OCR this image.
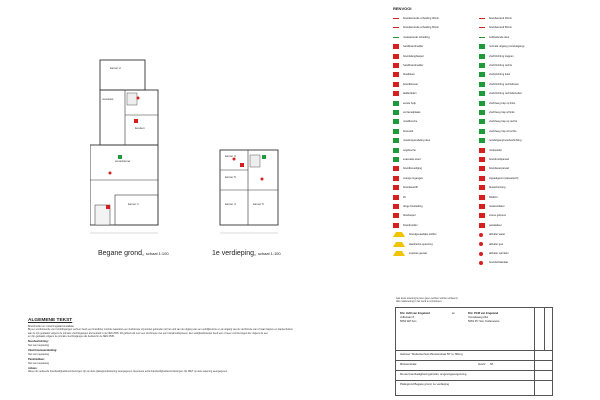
kamer 2
meterkast
keuken
woonkamer
kamer 1
kamer 3
kamer 5
kamer 4	kamer 6
Begane grond, schaal 1:100	1e verdieping, schaal 1:100
RENVOOI
brandwerende scheiding 30min
brandwerende scheiding 60min
rookwerende scheiding
handbrandmelder
brandslanghaspel
handbrandmelder
blusdeken
brandblusser
ladderladen
eerste hulp
verzamelplaats
nooddouche
brancard
noodontgrendeling deur
oogdouche
evacuatie-stoel
brandbeveiliging
overige ingangen
brandweerlift
lift
droge blusleiding
blushaspel
brandmelder
brandgevaarlijke stoffen
elektrische spanning
explosie gevaar
brandwerend 30min
brandwerend 60min
zelfsluitende deur
normale uitgang (nooduitgang)
vluchtrichting trappen
vluchtrichting rechts
vluchtrichting links
vluchtrichting rechtsboven
vluchtrichting rechtsbeneden
vluchtweg trap op links
vluchtweg trap af links
vluchtweg trap op rechts
vluchtweg trap af rechts
nooduitgang/noodverlichting
rookmelder
brandmeldpaneel
brandweerpaneel
signaalgever (akoestisch)
blusschuiming
flitslicht
rookventilator
sirene gebouw
paniekdeur
afsluiter water
afsluiter gas
afsluiter sprinkler
brandschakelaar
ALGEMENE TEKST
Brandmelder en ontruimingsalarminstallatie
Bij een voorkomende vuur hoofdingangen verhuur heeft een brandbrier controle waardoor een vluchtroute vrij worden gehouden tot het eind van de uitgang van een verblijfsruimte en de uitgang van de vluchtroute van of naar trappen en trappenhuizen
aan de zijn geplaatst volgens de primaire vluchtingangen als bedoeld in de NEN 2535. Dit gebied ook voor een vluchtroute met een brandmeldsysteem. Een veiligheidstoestel heeft een of meer voorzieningen die volgens de wet
en zijn geplaatst volgens de primaire vluchtingangen als bedoeld in de NEN 2535.
Noodverlichting:
Niet van toepassing
Vluchtrouteaanduiding:
Niet van toepassing
Pandvlokken:
Niet van toepassing
Advies:
Alleen de verkeerde brandveiligheidsvoorzieningen zijn op deze plattegrondtekening weergegeven. Eventuele extra brandveiligheidsvoorzieningen zijn NIET op deze tekening weergegeven.
Aan deze tekening kunnen geen rechten worden ontleend.
Alle maatvoering in het werk te controleren.
Dhr. HvM van Engeland
Jufferlaan 8
5663 WZ Son
en	Dhr. PCM van Engeland
Vrouwlaweg 24A
5663 PC Son Oudemeerie
Gebouw "Studentenhuis Mirosterstraat 56" te Tilburg
Mirosterstraat	huisnr: 56
Re-ste brandveiligheid (gebruiks, omgevingsvergunning
Plattegrond Begane grond, 1e verdieping
